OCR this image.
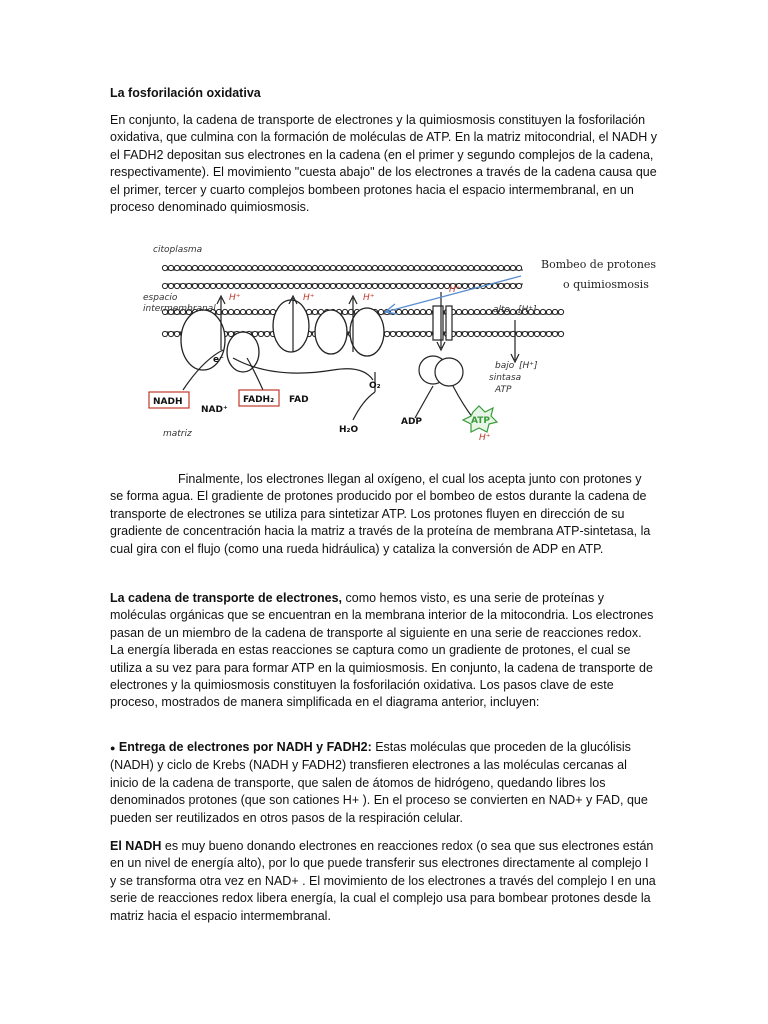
La fosforilación oxidativa

En conjunto, la cadena de transporte de electrones y la quimiosmosis constituyen la fosforilación oxidativa, que culmina con la formación de moléculas de ATP. En la matriz mitocondrial, el NADH y el FADH2 depositan sus electrones en la cadena (en el primer y segundo complejos de la cadena, respectivamente). El movimiento "cuesta abajo" de los electrones a través de la cadena causa que el primer, tercer y cuarto complejos bombeen protones hacia el espacio intermembranal, en un proceso denominado quimiosmosis.

citoplasma
espacio
intermembranal
Bombeo de protones
o quimiosmosis
alto [H⁺]
bajo [H⁺]
H⁺	H⁺	H⁺
H⁺
H⁺
e⁻
NADH
NAD⁺
FADH₂ FAD
O₂
H₂O
matriz
ADP	ATP
sintasa
ATP

Finalmente, los electrones llegan al oxígeno, el cual los acepta junto con protones y se forma agua. El gradiente de protones producido por el bombeo de estos durante la cadena de transporte de electrones se utiliza para sintetizar ATP. Los protones fluyen en dirección de su gradiente de concentración hacia la matriz a través de la proteína de membrana ATP-sintetasa, la cual gira con el flujo (como una rueda hidráulica) y cataliza la conversión de ADP en ATP.

La cadena de transporte de electrones, como hemos visto, es una serie de proteínas y moléculas orgánicas que se encuentran en la membrana interior de la mitocondria. Los electrones pasan de un miembro de la cadena de transporte al siguiente en una serie de reacciones redox. La energía liberada en estas reacciones se captura como un gradiente de protones, el cual se utiliza a su vez para para formar ATP en la quimiosmosis. En conjunto, la cadena de transporte de electrones y la quimiosmosis constituyen la fosforilación oxidativa. Los pasos clave de este proceso, mostrados de manera simplificada en el diagrama anterior, incluyen:

● Entrega de electrones por NADH y FADH2: Estas moléculas que proceden de la glucólisis (NADH) y ciclo de Krebs (NADH y FADH2) transfieren electrones a las moléculas cercanas al inicio de la cadena de transporte, que salen de átomos de hidrógeno, quedando libres los denominados protones (que son cationes H+ ). En el proceso se convierten en NAD+ y FAD, que pueden ser reutilizados en otros pasos de la respiración celular.

El NADH es muy bueno donando electrones en reacciones redox (o sea que sus electrones están en un nivel de energía alto), por lo que puede transferir sus electrones directamente al complejo I y se transforma otra vez en NAD+ . El movimiento de los electrones a través del complejo I en una serie de reacciones redox libera energía, la cual el complejo usa para bombear protones desde la matriz hacia el espacio intermembranal.
